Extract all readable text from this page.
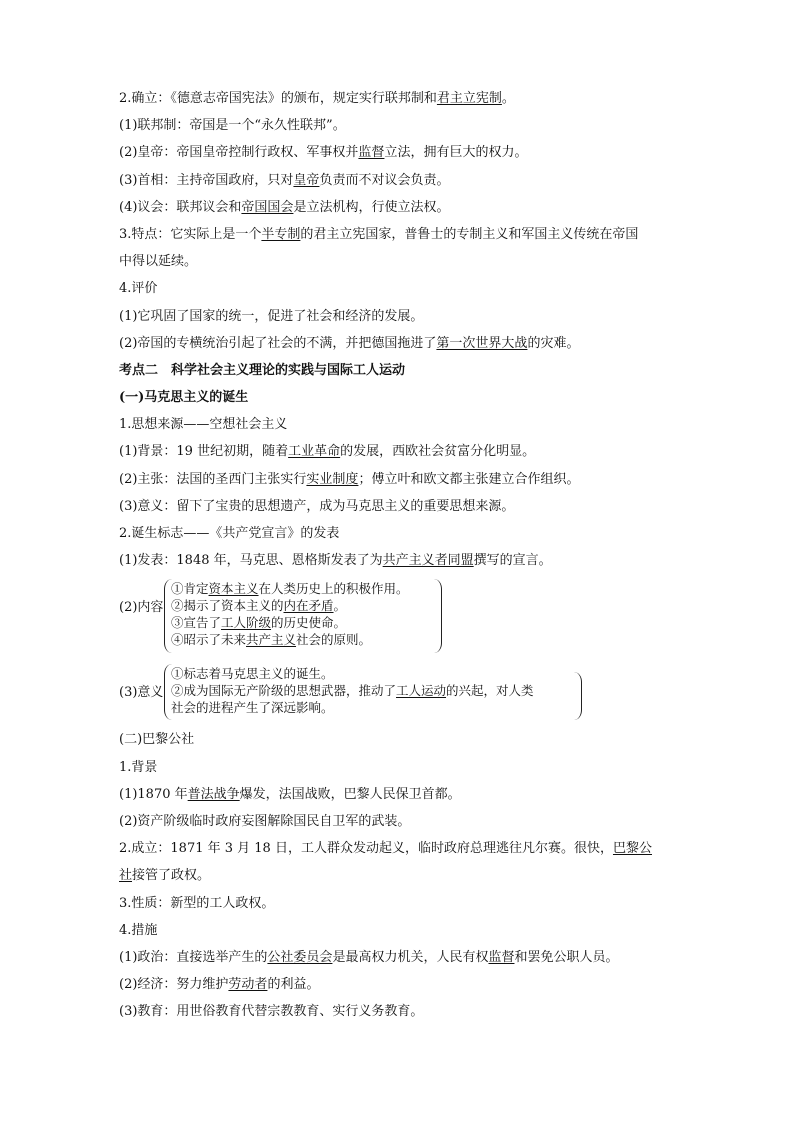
2.确立：《德意志帝国宪法》的颁布，规定实行联邦制和君主立宪制。
(1)联邦制：帝国是一个“永久性联邦”。
(2)皇帝：帝国皇帝控制行政权、军事权并监督立法，拥有巨大的权力。
(3)首相：主持帝国政府，只对皇帝负责而不对议会负责。
(4)议会：联邦议会和帝国国会是立法机构，行使立法权。
3.特点：它实际上是一个半专制的君主立宪国家，普鲁士的专制主义和军国主义传统在帝国
中得以延续。
4.评价
(1)它巩固了国家的统一，促进了社会和经济的发展。
(2)帝国的专横统治引起了社会的不满，并把德国拖进了第一次世界大战的灾难。
考点二　科学社会主义理论的实践与国际工人运动
(一)马克思主义的诞生
1.思想来源——空想社会主义
(1)背景：19 世纪初期，随着工业革命的发展，西欧社会贫富分化明显。
(2)主张：法国的圣西门主张实行实业制度；傅立叶和欧文都主张建立合作组织。
(3)意义：留下了宝贵的思想遗产，成为马克思主义的重要思想来源。
2.诞生标志——《共产党宣言》的发表
(1)发表：1848 年，马克思、恩格斯发表了为共产主义者同盟撰写的宣言。
(2)内容
①肯定资本主义在人类历史上的积极作用。
②揭示了资本主义的内在矛盾。
③宣告了工人阶级的历史使命。
④昭示了未来共产主义社会的原则。
(3)意义
①标志着马克思主义的诞生。
②成为国际无产阶级的思想武器，推动了工人运动的兴起，对人类
社会的进程产生了深远影响。
(二)巴黎公社
1.背景
(1)1870 年普法战争爆发，法国战败，巴黎人民保卫首都。
(2)资产阶级临时政府妄图解除国民自卫军的武装。
2.成立：1871 年 3 月 18 日，工人群众发动起义，临时政府总理逃往凡尔赛。很快，巴黎公
社接管了政权。
3.性质：新型的工人政权。
4.措施
(1)政治：直接选举产生的公社委员会是最高权力机关，人民有权监督和罢免公职人员。
(2)经济：努力维护劳动者的利益。
(3)教育：用世俗教育代替宗教教育、实行义务教育。
